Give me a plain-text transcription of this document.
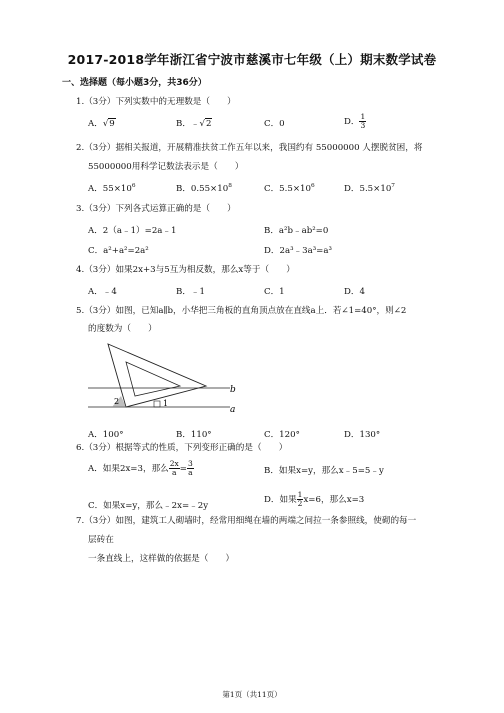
2017-2018学年浙江省宁波市慈溪市七年级（上）期末数学试卷
一、选择题（每小题3分，共36分）
1.（3分）下列实数中的无理数是（　　）
A．√9	B．﹣√2	C．0	D． $\frac{1}{3}$
2.（3分）据相关报道，开展精准扶贫工作五年以来，我国约有 55000000 人摆脱贫困，将
55000000用科学记数法表示是（　　）
A．$55\times 10^6$	B．$0.55\times 10^8$	C．$5.5\times 10^6$	D．$5.5\times 10^7$
3.（3分）下列各式运算正确的是（　　）
A．2（a﹣1）=2a﹣1	B．a²b﹣ab²=0
C．a²+a²=2a²	D．2a³﹣3a³=a³
4.（3分）如果2x+3与5互为相反数，那么x等于（　　）
A．﹣4	B．﹣1	C．1	D．4
5.（3分）如图，已知a∥b，小华把三角板的直角顶点放在直线a上．若∠1=40°，则∠2
的度数为（　　）
b
a
2	1
A．100°	B．110°	C．120°	D．130°
6.（3分）根据等式的性质，下列变形正确的是（　　）
A．如果2x=3，那么 $\frac{2x}{a} = \frac{3}{a}$	B．如果x=y，那么x﹣5=5﹣y
C．如果x=y，那么﹣2x=﹣2y
D．如果 $\frac{1}{2} x=6$，那么x=3
7.（3分）如图，建筑工人砌墙时，经常用细绳在墙的两端之间拉一条参照线，使砌的每一
层砖在
一条直线上，这样做的依据是（　　）
第1页（共11页）
